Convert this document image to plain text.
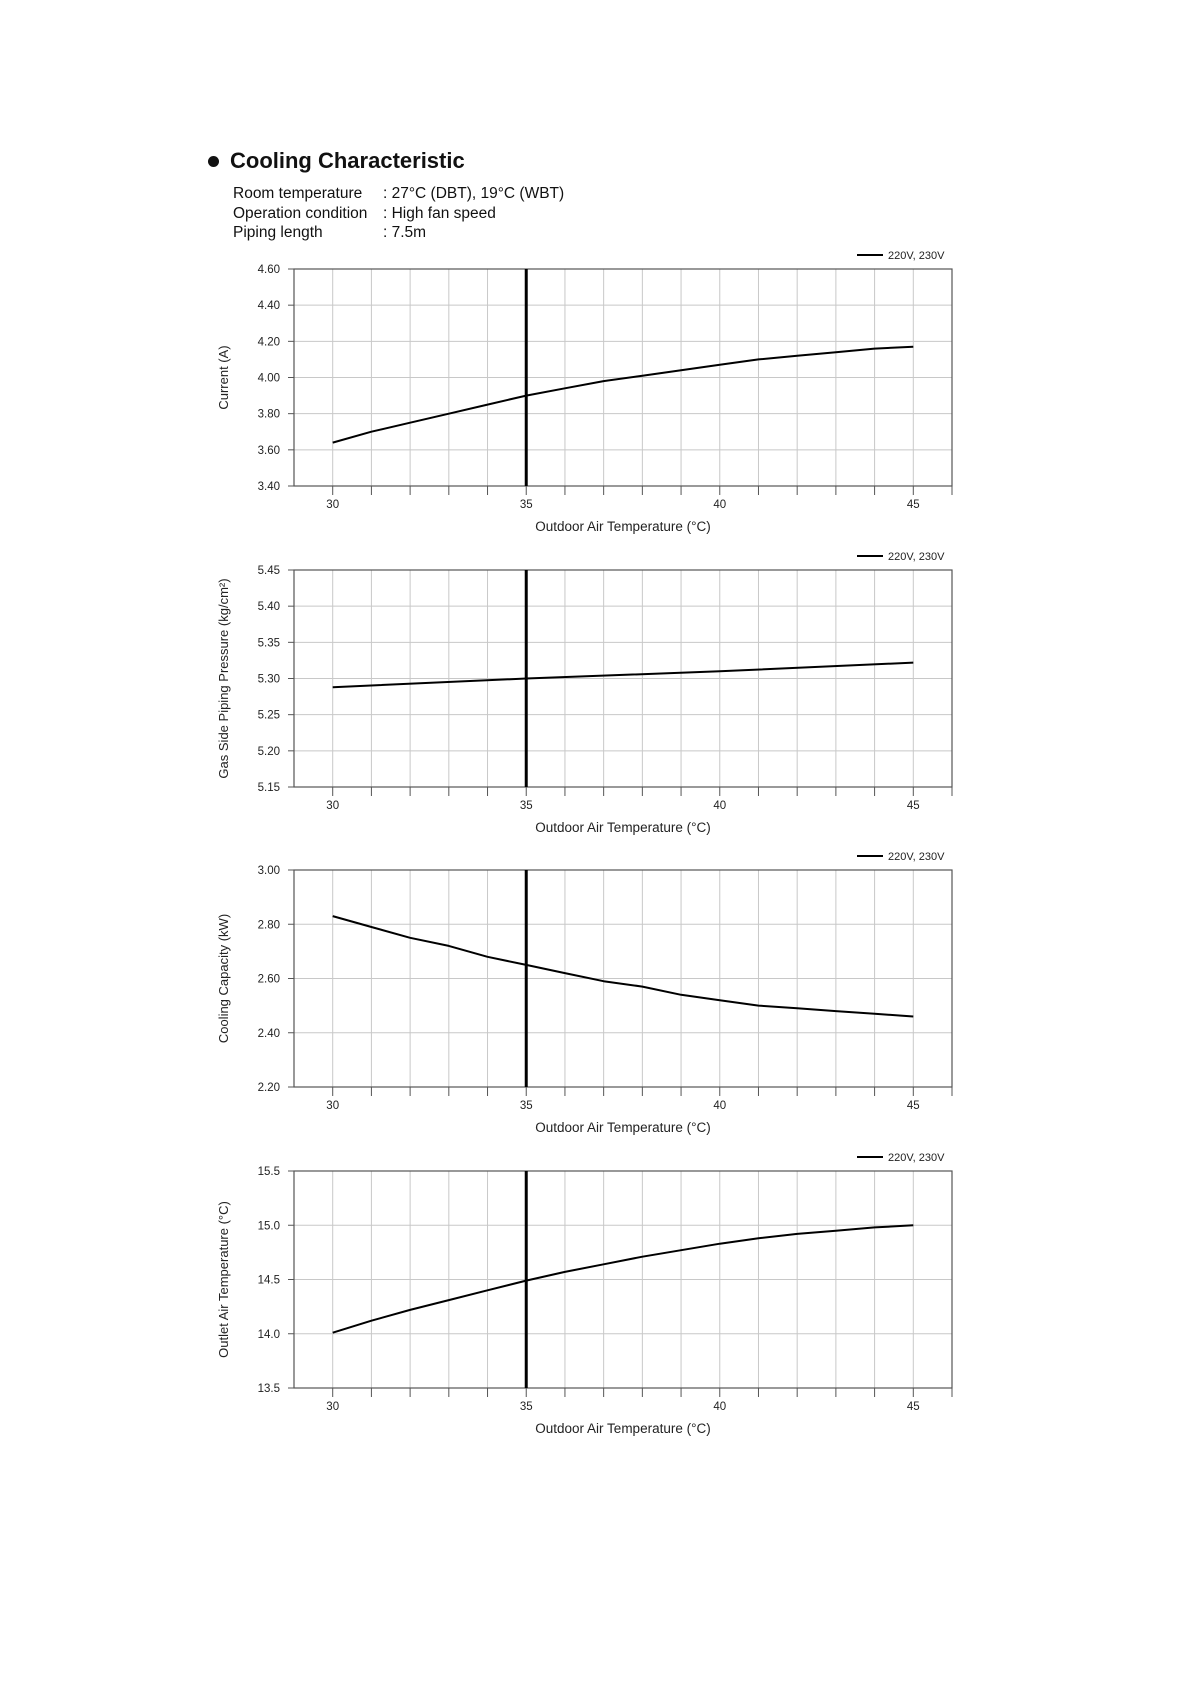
Cooling Characteristic
Room temperature	: 27°C (DBT), 19°C (WBT)
Operation condition	: High fan speed
Piping length	: 7.5m
3.40
3.60
3.80
4.00
4.20
4.40
4.60
30	35	40	45
220V, 230V
Outdoor Air Temperature (°C)
Current (A)
5.15
5.20
5.25
5.30
5.35
5.40
5.45
30	35	40	45
220V, 230V
Outdoor Air Temperature (°C)
Gas Side Piping Pressure (kg/cm²)
2.20
2.40
2.60
2.80
3.00
30	35	40	45
220V, 230V
Outdoor Air Temperature (°C)
Cooling Capacity (kW)
13.5
14.0
14.5
15.0
15.5
30	35	40	45
220V, 230V
Outdoor Air Temperature (°C)
Outlet Air Temperature (°C)
